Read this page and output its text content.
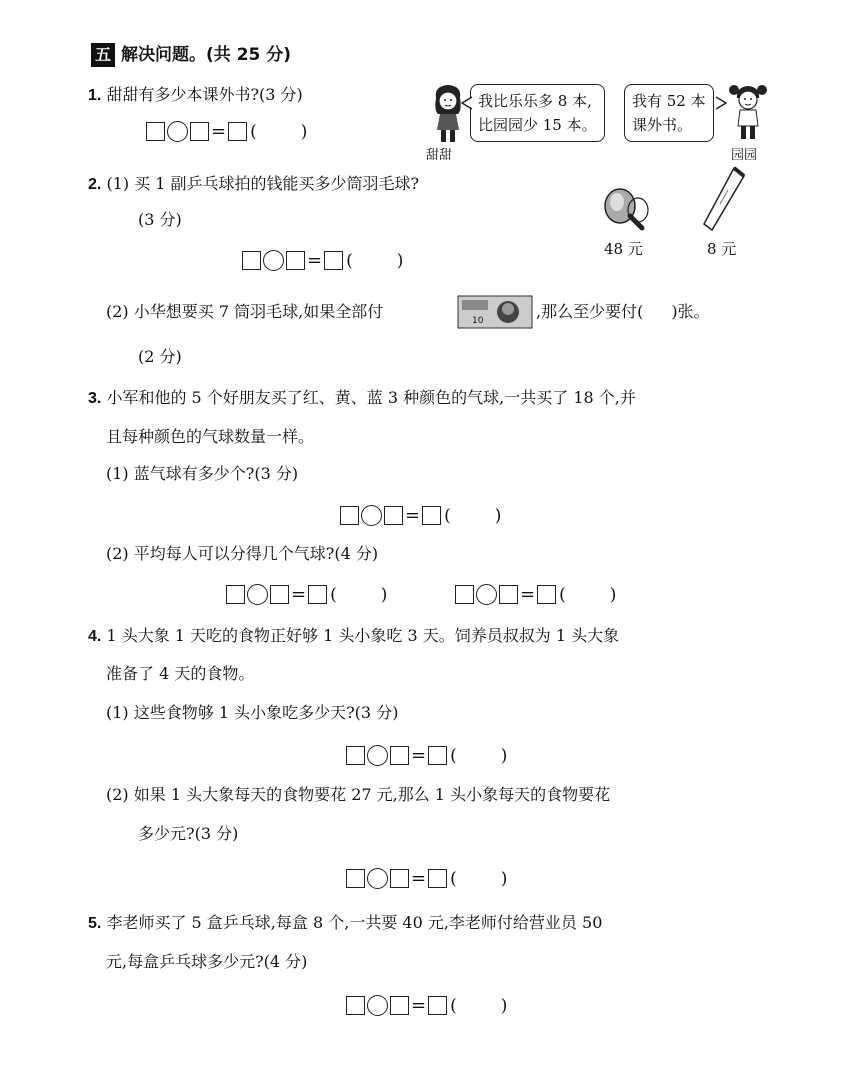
五 解决问题。(共 25 分)
1. 甜甜有多少本课外书?(3 分)
= (	)
甜甜
我比乐乐多 8 本,
比园园少 15 本。
我有 52 本
课外书。
园园
2. (1) 买 1 副乒乓球拍的钱能买多少筒羽毛球?
(3 分)
= (	)
48 元	8 元
(2) 小华想要买 7 筒羽毛球,如果全部付	10	,那么至少要付( )张。
(2 分)
3. 小军和他的 5 个好朋友买了红、黄、蓝 3 种颜色的气球,一共买了 18 个,并
且每种颜色的气球数量一样。
(1) 蓝气球有多少个?(3 分)
= (	)
(2) 平均每人可以分得几个气球?(4 分)
= (	)	= (	)
4. 1 头大象 1 天吃的食物正好够 1 头小象吃 3 天。饲养员叔叔为 1 头大象
准备了 4 天的食物。
(1) 这些食物够 1 头小象吃多少天?(3 分)
= (	)
(2) 如果 1 头大象每天的食物要花 27 元,那么 1 头小象每天的食物要花
多少元?(3 分)
= (	)
5. 李老师买了 5 盒乒乓球,每盒 8 个,一共要 40 元,李老师付给营业员 50
元,每盒乒乓球多少元?(4 分)
= (	)
